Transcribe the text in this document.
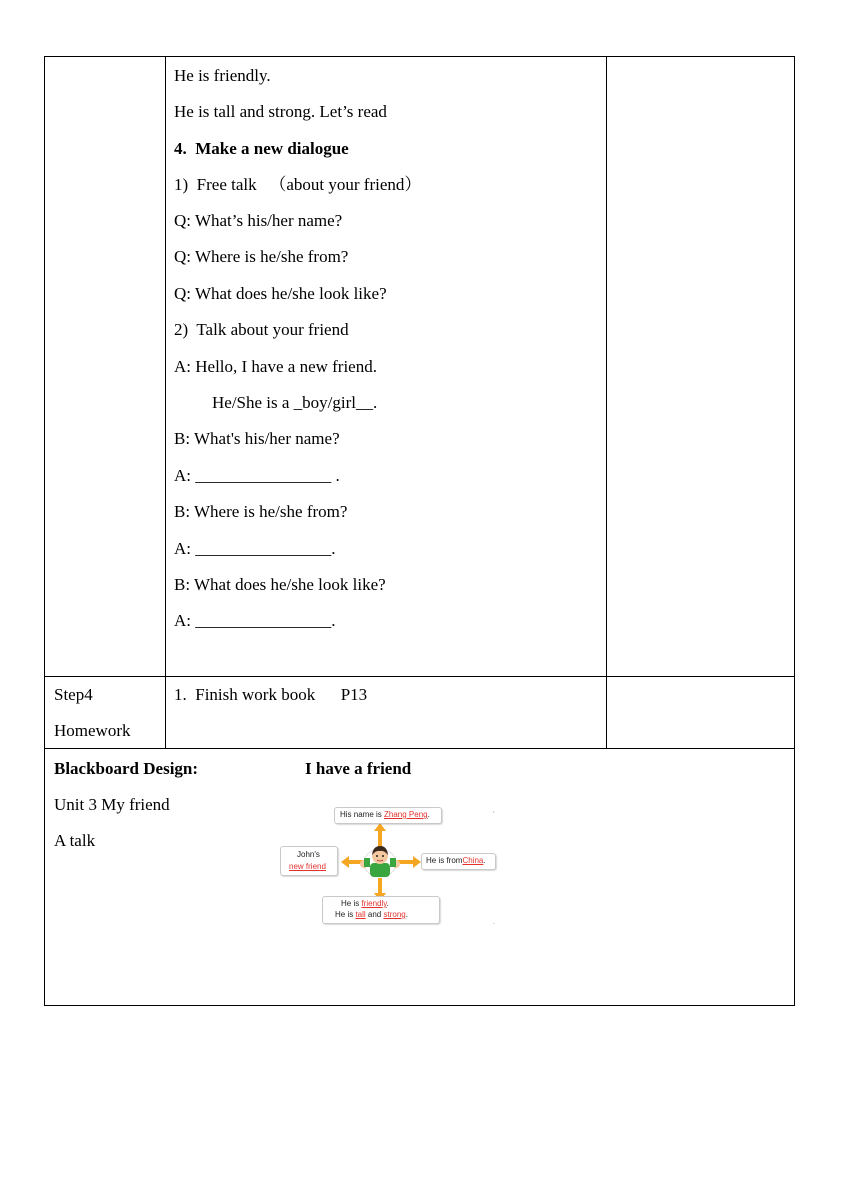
He is friendly.
He is tall and strong. Let’s read
4.  Make a new dialogue
1)  Free talk   （about your friend）
Q: What’s his/her name?
Q: Where is he/she from?
Q: What does he/she look like?
2)  Talk about your friend
A: Hello, I have a new friend.
He/She is a _boy/girl__.
B: What's his/her name?
A: ________________ .
B: Where is he/she from?
A: ________________.
B: What does he/she look like?
A: ________________.
Step4
Homework
1.  Finish work book      P13
Blackboard Design:	I have a friend
Unit 3 My friend
A talk
,
.
His name is Zhang Peng.
John's
new friend
He is fromChina.
He is friendly.
He is tall and strong.
